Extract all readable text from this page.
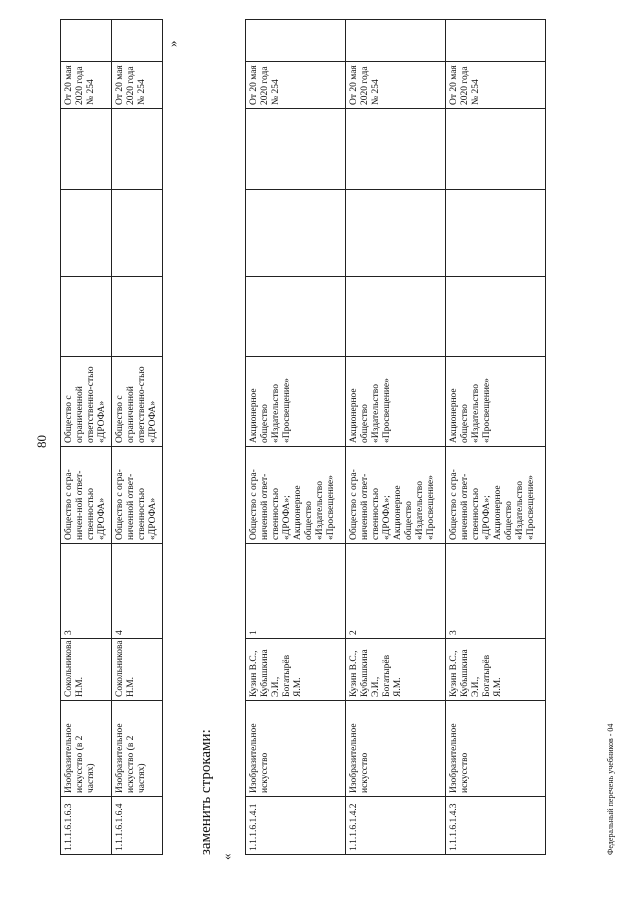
80
1.1.1.6.1.6.3	Изобразительное искусство (в 2 частях)	Сокольникова Н.М.	3	Общество с огра-ничен-ной ответ-ственностью «ДРОФА»	Общество с ограниченной ответственно-стью «ДРОФА»				От 20 мая 2020 года № 254	
1.1.1.6.1.6.4	Изобразительное искусство (в 2 частях)	Сокольникова Н.М.	4	Общество с огра-ниченной ответ-ственностью «ДРОФА»	Общество с ограниченной ответственно-стью «ДРОФА»				От 20 мая 2020 года № 254	
»
заменить строками:
«
1.1.1.6.1.4.1	Изобразительное искусство	Кузин В.С., Кубышкина Э.И., Богатырёв Я.М.	1	Общество с огра-ниченной ответ-ственностью «ДРОФА»; Акционерное общество «Издательство «Просвещение»	Акционерное общество «Издательство «Просвещение»				От 20 мая 2020 года № 254	
1.1.1.6.1.4.2	Изобразительное искусство	Кузин В.С., Кубышкина Э.И., Богатырёв Я.М.	2	Общество с огра-ниченной ответ-ственностью «ДРОФА»; Акционерное общество «Издательство «Просвещение»	Акционерное общество «Издательство «Просвещение»				От 20 мая 2020 года № 254	
1.1.1.6.1.4.3	Изобразительное искусство	Кузин В.С., Кубышкина Э.И., Богатырёв Я.М.	3	Общество с огра-ниченной ответ-ственностью «ДРОФА»; Акционерное общество «Издательство «Просвещение»	Акционерное общество «Издательство «Просвещение»				От 20 мая 2020 года № 254	
Федеральный перечень учебников - 04
